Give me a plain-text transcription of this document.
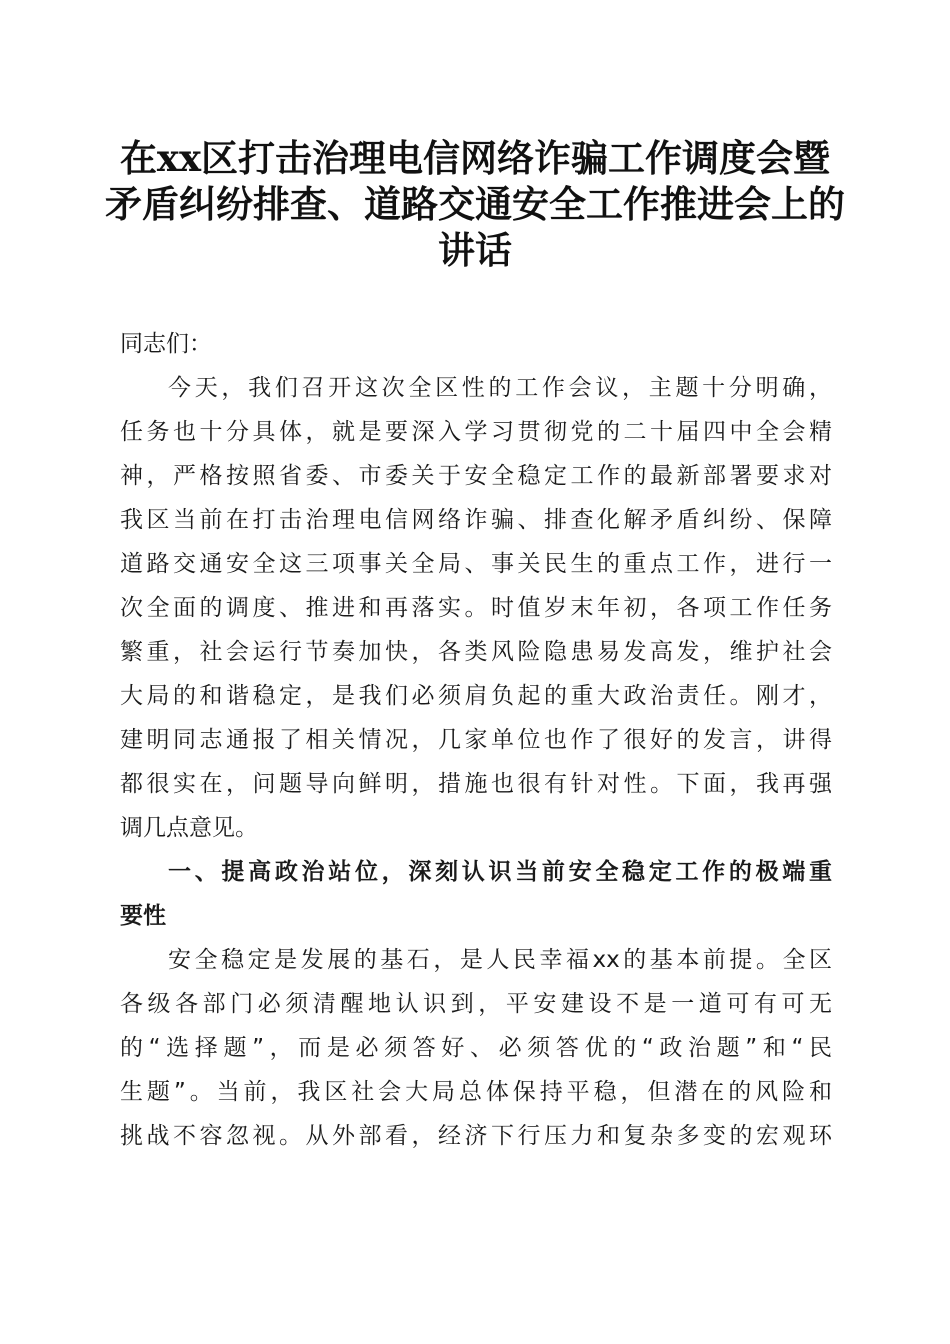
在xx区打击治理电信网络诈骗工作调度会暨
矛盾纠纷排查、道路交通安全工作推进会上的
讲话

同志们：

今天，我们召开这次全区性的工作会议，主题十分明确，
任务也十分具体，就是要深入学习贯彻党的二十届四中全会精
神，严格按照省委、市委关于安全稳定工作的最新部署要求对
我区当前在打击治理电信网络诈骗、排查化解矛盾纠纷、保障
道路交通安全这三项事关全局、事关民生的重点工作，进行一
次全面的调度、推进和再落实。时值岁末年初，各项工作任务
繁重，社会运行节奏加快，各类风险隐患易发高发，维护社会
大局的和谐稳定，是我们必须肩负起的重大政治责任。刚才，
建明同志通报了相关情况，几家单位也作了很好的发言，讲得
都很实在，问题导向鲜明，措施也很有针对性。下面，我再强
调几点意见。

一、提高政治站位，深刻认识当前安全稳定工作的极端重
要性

安全稳定是发展的基石，是人民幸福xx的基本前提。全区
各级各部门必须清醒地认识到，平安建设不是一道可有可无
的“选择题”，而是必须答好、必须答优的“政治题”和“民
生题”。当前，我区社会大局总体保持平稳，但潜在的风险和
挑战不容忽视。从外部看，经济下行压力和复杂多变的宏观环
